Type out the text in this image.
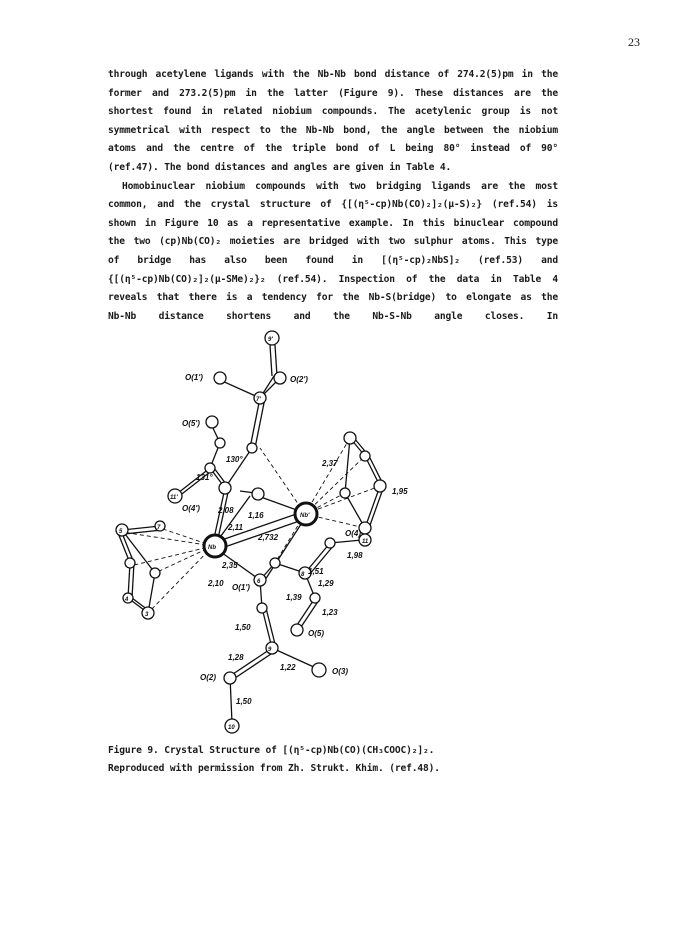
23
through acetylene ligands with the Nb-Nb bond distance of 274.2(5)pm in the
former and 273.2(5)pm in the latter (Figure 9). These distances are the
shortest found in related niobium compounds. The acetylenic group is not
symmetrical with respect to the Nb-Nb bond, the angle between the niobium
atoms and the centre of the triple bond of L being 80° instead of 90°
(ref.47). The bond distances and angles are given in Table 4.
Homobinuclear niobium compounds with two bridging ligands are the most
common, and the crystal structure of {[(η⁵-cp)Nb(CO)₂]₂(μ-S)₂} (ref.54) is
shown in Figure 10 as a representative example. In this binuclear compound
the two (cp)Nb(CO)₂ moieties are bridged with two sulphur atoms. This type
of bridge has also been found in [(η⁵-cp)₂NbS]₂ (ref.53) and
{[(η⁵-cp)Nb(CO)₂]₂(μ-SMe)₂}₂ (ref.54). Inspection of the data in Table 4
reveals that there is a tendency for the Nb-S(bridge) to elongate as the
Nb-Nb distance shortens and the Nb-S-Nb angle closes. In
O(1')	O(2')
O(5')
130°
131°
O(4') 2,08
1,16
2,11
2,732
Nb
Nb'
2,37
1,95
2,35
2,10 O(1')
1,39
1,51
1,29
O(4)
1,98
1,23
O(5)
1,50
1,28
1,22	O(3)
O(2)
1,50
10
11'
11
5
4
3
7
9'
7'
8
9
6
Figure 9. Crystal Structure of [(η⁵-cp)Nb(CO)(CH₃COOC)₂]₂.
Reproduced with permission from Zh. Strukt. Khim. (ref.48).
